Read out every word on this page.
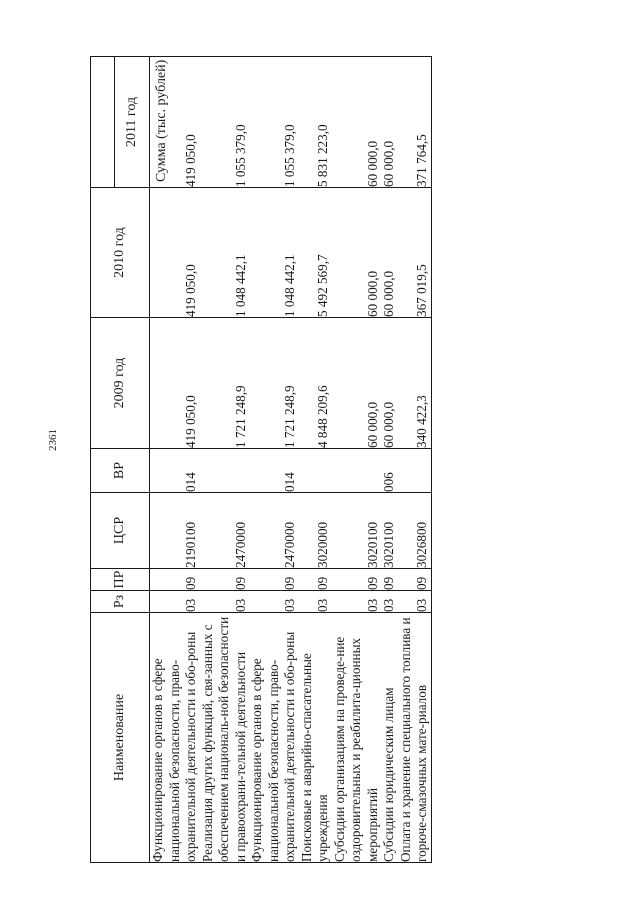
2361
Сумма (тыс. рублей)
Наименование	Рз	ПР	ЦСР	ВР	2009 год	2010 год	
							2011 год
Функционирование органов в сфере национальной безопасности, право-охранительной деятельности и обо-роны	03	09	2190100	014	419 050,0	419 050,0	419 050,0
Реализация других функций, свя-занных с обеспечением националь-ной безопасности и правоохрани-тельной деятельности	03	09	2470000		1 721 248,9	1 048 442,1	1 055 379,0
Функционирование органов в сфере национальной безопасности, право-охранительной деятельности и обо-роны	03	09	2470000	014	1 721 248,9	1 048 442,1	1 055 379,0
Поисковые и аварийно-спасательные учреждения	03	09	3020000		4 848 209,6	5 492 569,7	5 831 223,0
Субсидии организациям на проведе-ние оздоровительных и реабилита-ционных мероприятий	03	09	3020100		60 000,0	60 000,0	60 000,0
Субсидии юридическим лицам	03	09	3020100	006	60 000,0	60 000,0	60 000,0
Оплата и хранение специального топлива и горюче-смазочных мате-риалов	03	09	3026800		340 422,3	367 019,5	371 764,5
